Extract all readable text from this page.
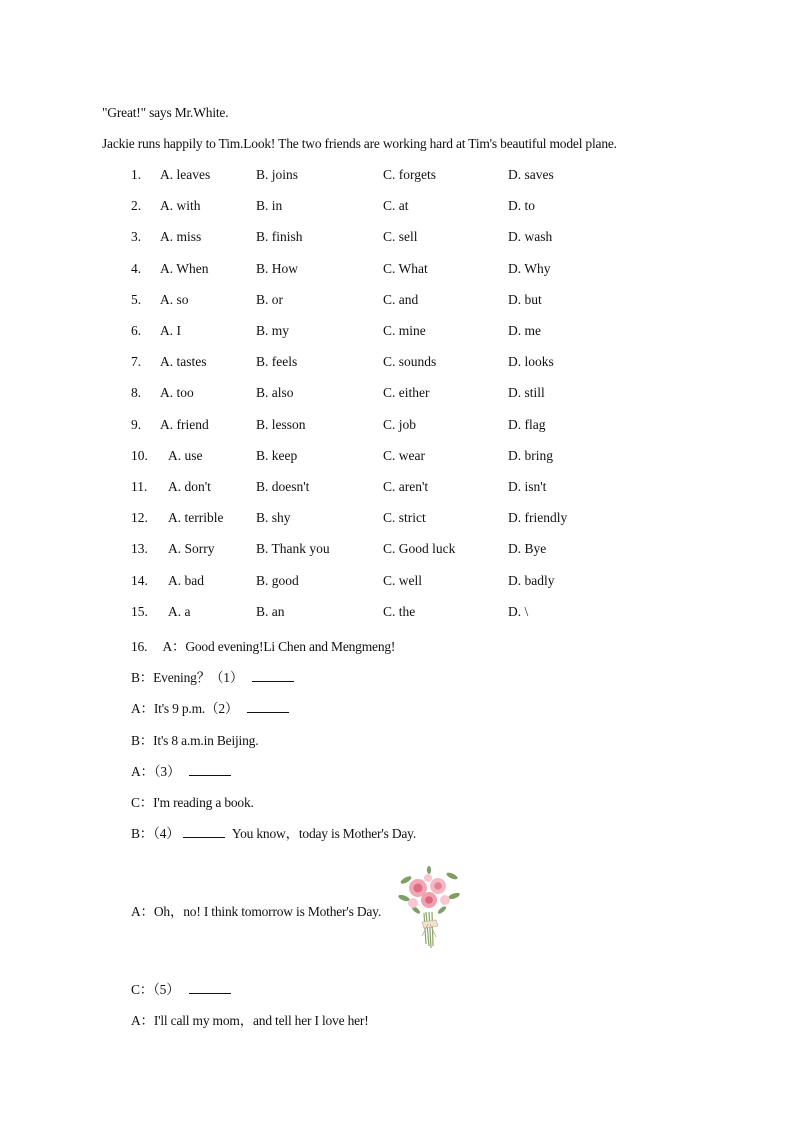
"Great!" says Mr.White.
Jackie runs happily to Tim.Look! The two friends are working hard at Tim's beautiful model plane.
1. A. leaves	B. joins	C. forgets	D. saves
2. A. with	B. in	C. at	D. to
3. A. miss	B. finish	C. sell	D. wash
4. A. When	B. How	C. What	D. Why
5. A. so	B. or	C. and	D. but
6. A. I	B. my	C. mine	D. me
7. A. tastes	B. feels	C. sounds	D. looks
8. A. too	B. also	C. either	D. still
9. A. friend	B. lesson	C. job	D. flag
10. A. use	B. keep	C. wear	D. bring
11. A. don't	B. doesn't	C. aren't	D. isn't
12. A. terrible B. shy	C. strict	D. friendly
13. A. Sorry	B. Thank you	C. Good luck	D. Bye
14. A. bad	B. good	C. well	D. badly
15. A. a	B. an	C. the	D. \
16. A：Good evening!Li Chen and Mengmeng!
B：Evening？（1）
A：It's 9 p.m.（2）
B：It's 8 a.m.in Beijing.
A：（3）
C：I'm reading a book.
B：（4）	You know，today is Mother's Day.
A：Oh，no! I think tomorrow is Mother's Day.
C：（5）
A：I'll call my mom，and tell her I love her!
